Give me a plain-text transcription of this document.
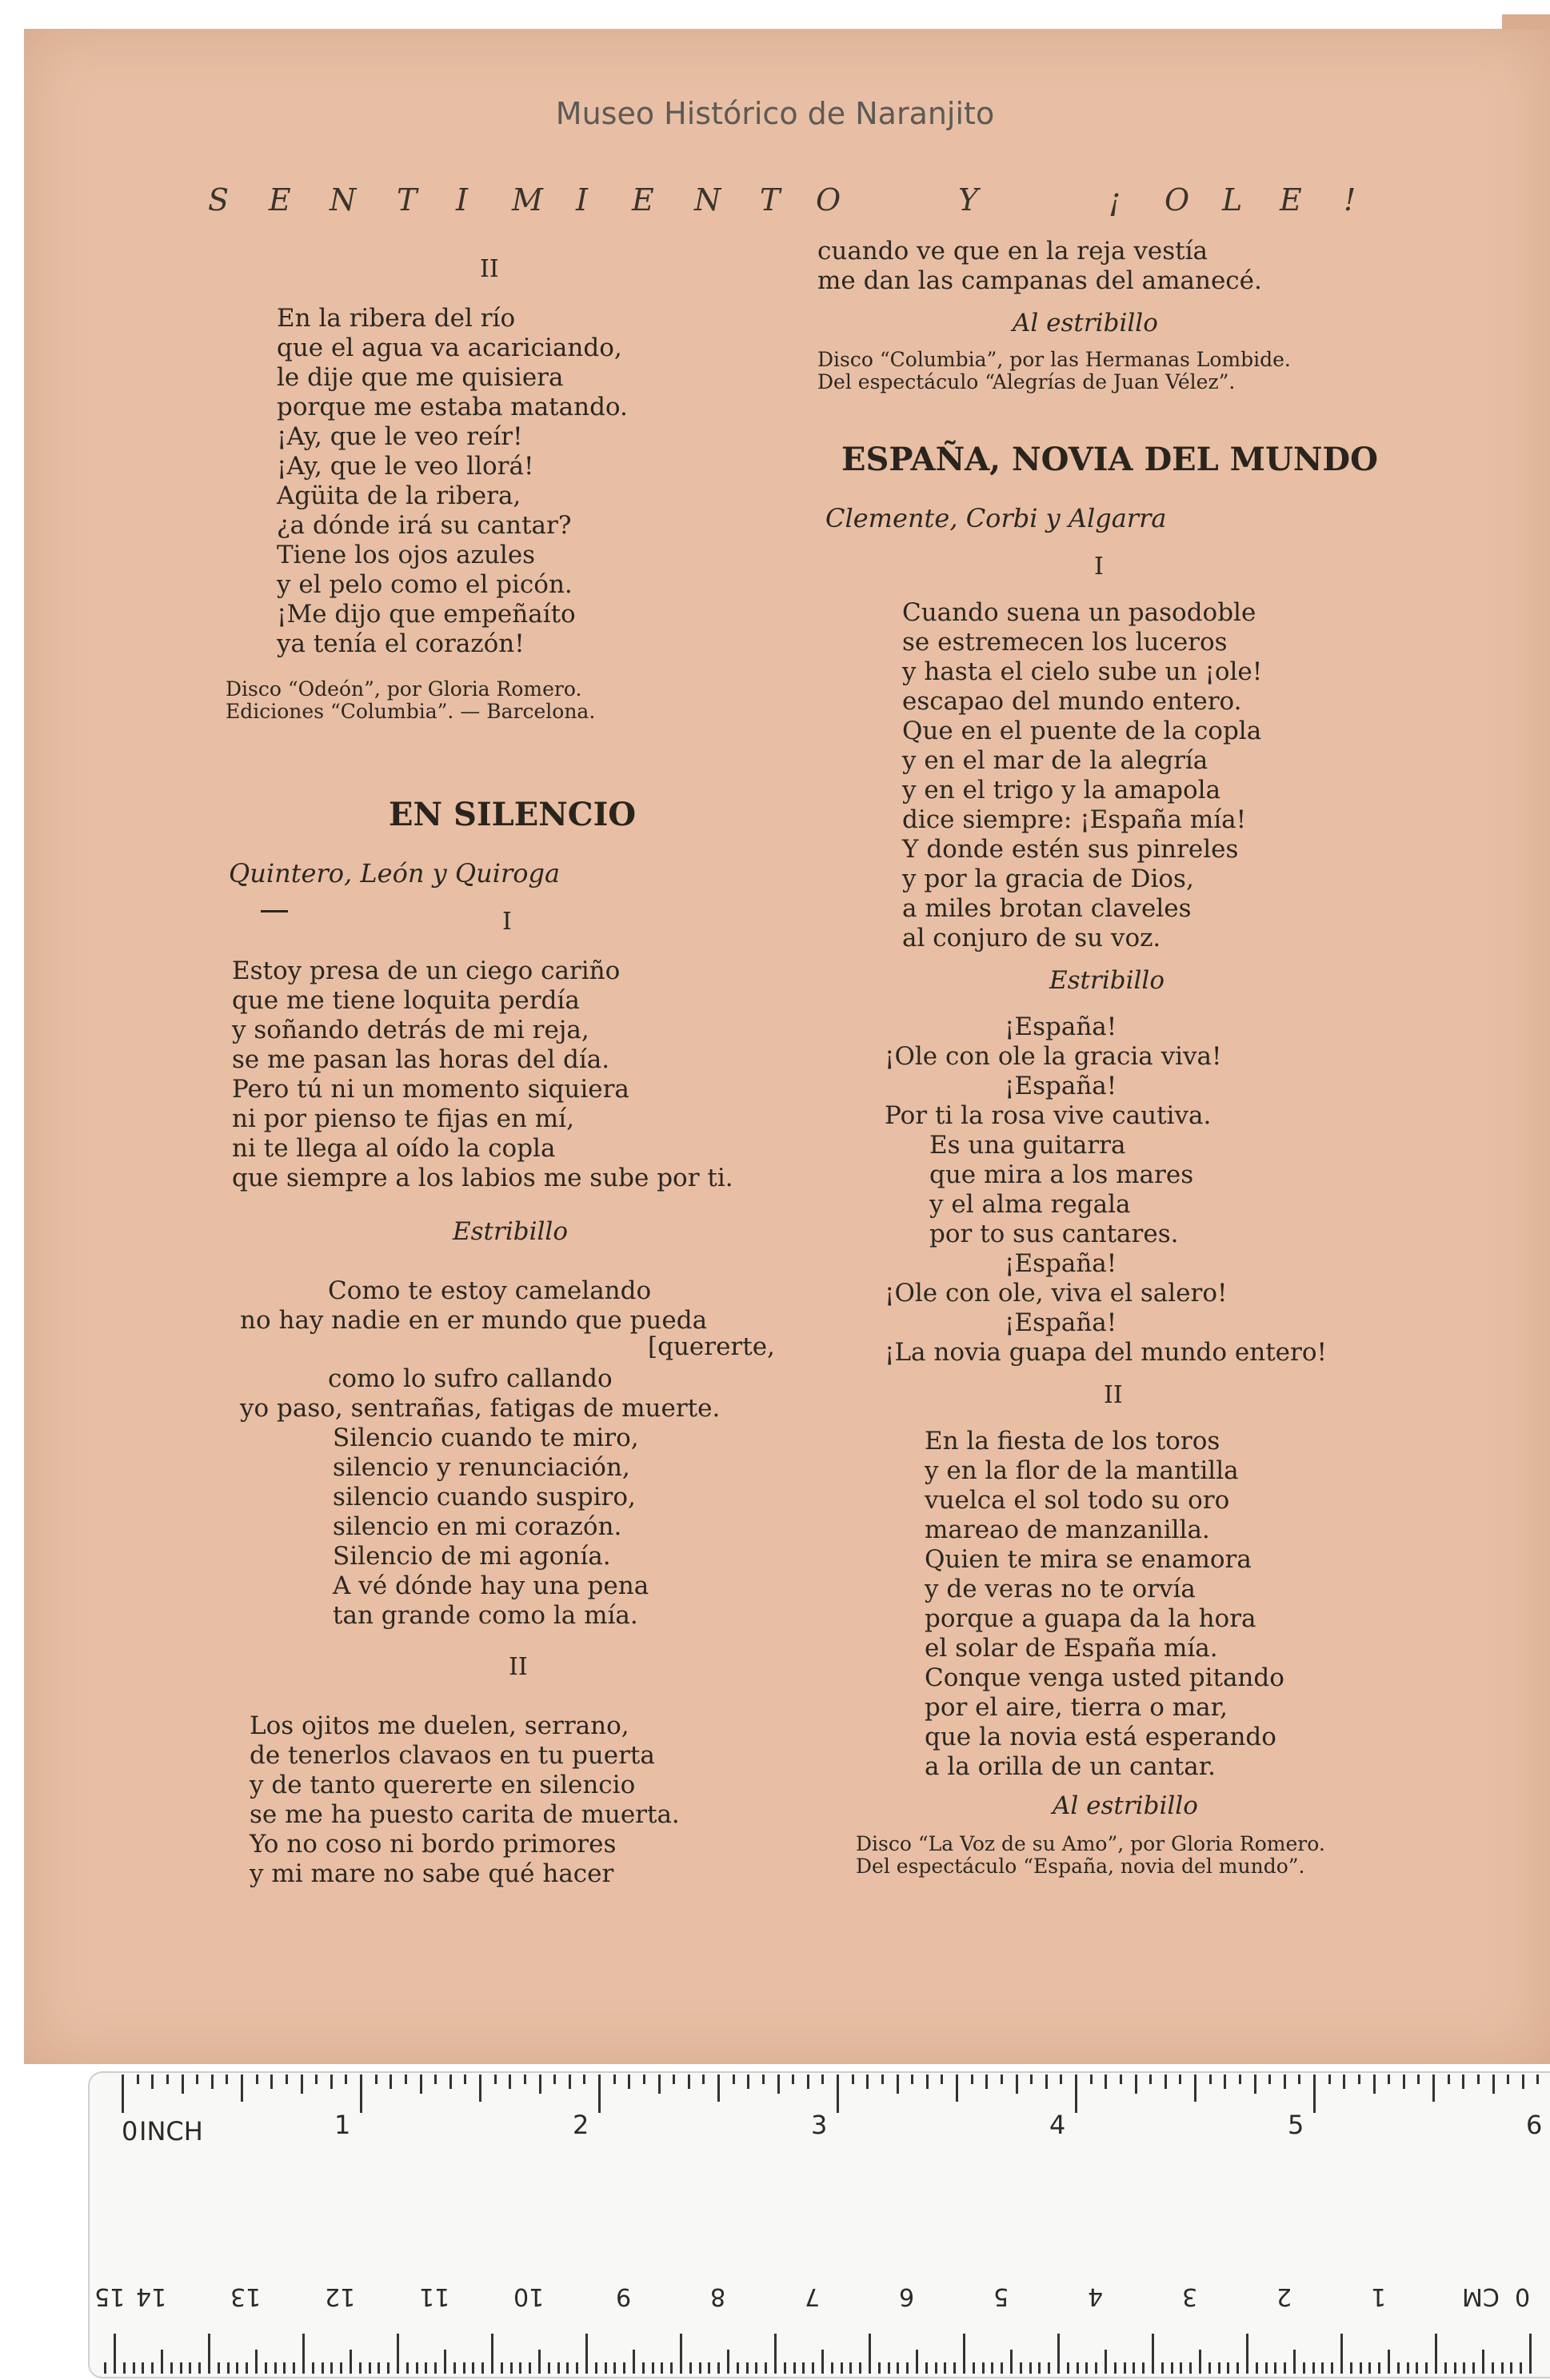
Museo Histórico de Naranjito
S E N T I M I E N T O	Y	¡ O L E !
II
En la ribera del río
que el agua va acariciando,
le dije que me quisiera
porque me estaba matando.
¡Ay, que le veo reír!
¡Ay, que le veo llorá!
Agüita de la ribera,
¿a dónde irá su cantar?
Tiene los ojos azules
y el pelo como el picón.
¡Me dijo que empeñaíto
ya tenía el corazón!
Disco “Odeón”, por Gloria Romero.
Ediciones “Columbia”. — Barcelona.
EN SILENCIO
Quintero, León y Quiroga
I
Estoy presa de un ciego cariño
que me tiene loquita perdía
y soñando detrás de mi reja,
se me pasan las horas del día.
Pero tú ni un momento siquiera
ni por pienso te fijas en mí,
ni te llega al oído la copla
que siempre a los labios me sube por ti.
Estribillo
Como te estoy camelando
no hay nadie en er mundo que pueda
[quererte,
como lo sufro callando
yo paso, sentrañas, fatigas de muerte.
Silencio cuando te miro,
silencio y renunciación,
silencio cuando suspiro,
silencio en mi corazón.
Silencio de mi agonía.
A vé dónde hay una pena
tan grande como la mía.
II
Los ojitos me duelen, serrano,
de tenerlos clavaos en tu puerta
y de tanto quererte en silencio
se me ha puesto carita de muerta.
Yo no coso ni bordo primores
y mi mare no sabe qué hacer
cuando ve que en la reja vestía
me dan las campanas del amanecé.
Al estribillo
Disco “Columbia”, por las Hermanas Lombide.
Del espectáculo “Alegrías de Juan Vélez”.
ESPAÑA, NOVIA DEL MUNDO
Clemente, Corbi y Algarra
I
Cuando suena un pasodoble
se estremecen los luceros
y hasta el cielo sube un ¡ole!
escapao del mundo entero.
Que en el puente de la copla
y en el mar de la alegría
y en el trigo y la amapola
dice siempre: ¡España mía!
Y donde estén sus pinreles
y por la gracia de Dios,
a miles brotan claveles
al conjuro de su voz.
Estribillo
¡España!
¡Ole con ole la gracia viva!
¡España!
Por ti la rosa vive cautiva.
Es una guitarra
que mira a los mares
y el alma regala
por to sus cantares.
¡España!
¡Ole con ole, viva el salero!
¡España!
¡La novia guapa del mundo entero!
II
En la fiesta de los toros
y en la flor de la mantilla
vuelca el sol todo su oro
mareao de manzanilla.
Quien te mira se enamora
y de veras no te orvía
porque a guapa da la hora
el solar de España mía.
Conque venga usted pitando
por el aire, tierra o mar,
que la novia está esperando
a la orilla de un cantar.
Al estribillo
Disco “La Voz de su Amo”, por Gloria Romero.
Del espectáculo “España, novia del mundo”.
0 INCH	1	2	3	4	5	6
0
CM
1
2
3
4
5
6
7
8
9
10
11
12
13
14
15
